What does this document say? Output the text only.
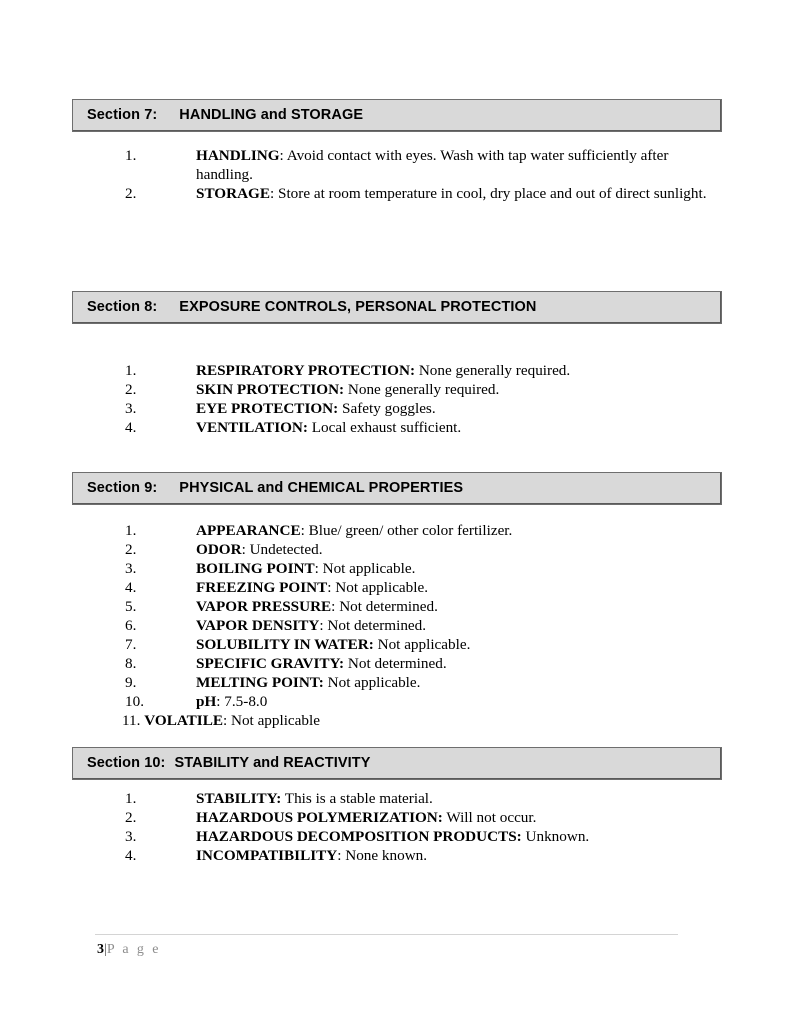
Section 7: HANDLING and STORAGE
1.	HANDLING: Avoid contact with eyes. Wash with tap water sufficiently after handling.
2.	STORAGE: Store at room temperature in cool, dry place and out of direct sunlight.
Section 8: EXPOSURE CONTROLS, PERSONAL PROTECTION
1.	RESPIRATORY PROTECTION: None generally required.
2.	SKIN PROTECTION: None generally required.
3.	EYE PROTECTION: Safety goggles.
4.	VENTILATION: Local exhaust sufficient.
Section 9: PHYSICAL and CHEMICAL PROPERTIES
1.	APPEARANCE: Blue/ green/ other color fertilizer.
2.	ODOR: Undetected.
3.	BOILING POINT: Not applicable.
4.	FREEZING POINT: Not applicable.
5.	VAPOR PRESSURE: Not determined.
6.	VAPOR DENSITY: Not determined.
7.	SOLUBILITY IN WATER: Not applicable.
8.	SPECIFIC GRAVITY: Not determined.
9.	MELTING POINT: Not applicable.
10.	pH: 7.5-8.0
11. VOLATILE: Not applicable
Section 10: STABILITY and REACTIVITY
1.	STABILITY: This is a stable material.
2.	HAZARDOUS POLYMERIZATION: Will not occur.
3.	HAZARDOUS DECOMPOSITION PRODUCTS: Unknown.
4.	INCOMPATIBILITY: None known.
3|P a g e
